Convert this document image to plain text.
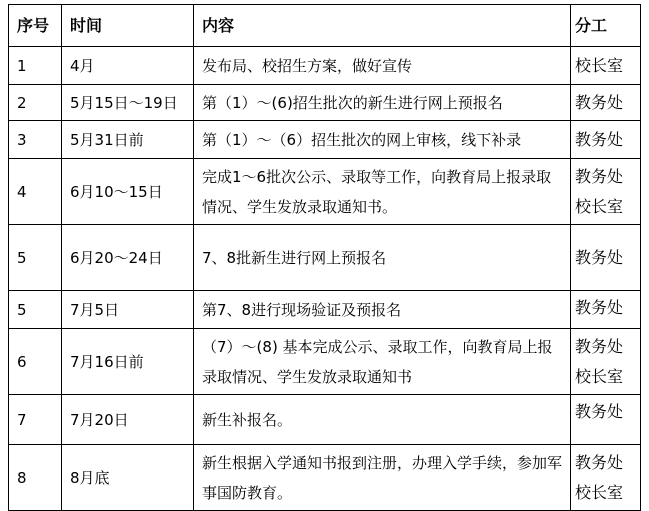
序号	时间	内容	分工
1	4月	发布局、校招生方案，做好宣传	校长室

2	5月15日～19日	第（1）～(6)招生批次的新生进行网上预报名	教务处

3	5月31日前	第（1）～（6）招生批次的网上审核，线下补录	教务处

4	6月10～15日	完成1～6批次公示、录取等工作，向教育局上报录取情况、学生发放录取通知书。	教务处
校长室

5	6月20～24日	7、8批新生进行网上预报名	教务处

5	7月5日	第7、8进行现场验证及预报名	教务处

6	7月16日前	（7）～(8) 基本完成公示、录取工作，向教育局上报录取情况、学生发放录取通知书	教务处
校长室

7	7月20日	新生补报名。	教务处

8	8月底	新生根据入学通知书报到注册，办理入学手续，参加军事国防教育。	教务处
校长室
